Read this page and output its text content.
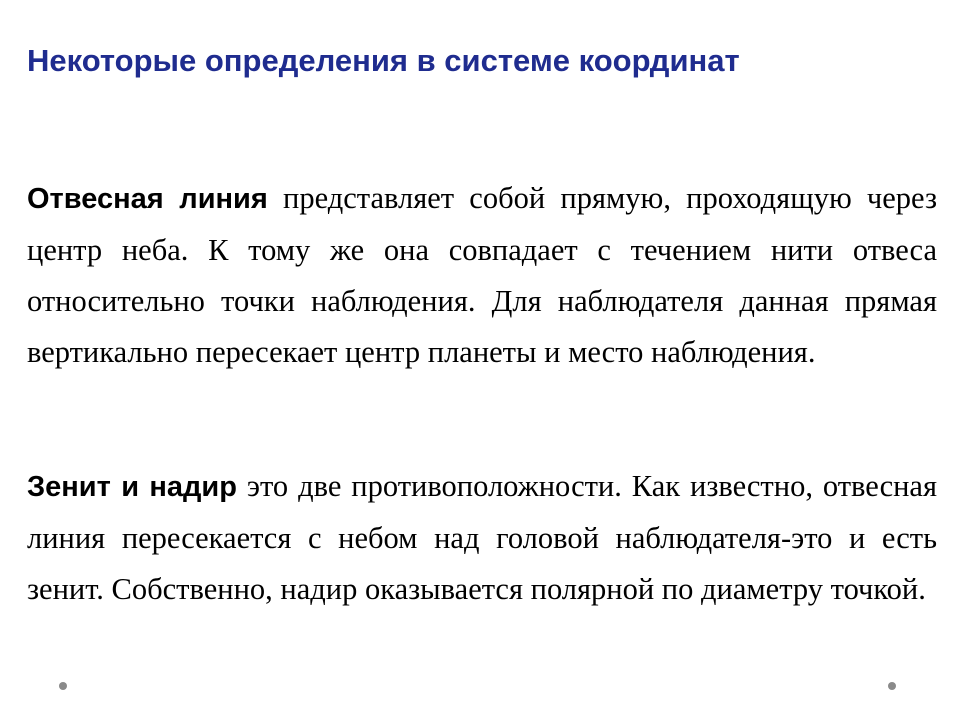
Некоторые определения в системе координат

Отвесная линия представляет собой прямую, проходящую через центр неба. К тому же она совпадает с течением нити отвеса относительно точки наблюдения. Для наблюдателя данная прямая вертикально пересекает центр планеты и место наблюдения.

Зенит и надир это две противоположности. Как известно, отвесная линия пересекается с небом над головой наблюдателя-это и есть зенит. Собственно, надир оказывается полярной по диаметру точкой.
